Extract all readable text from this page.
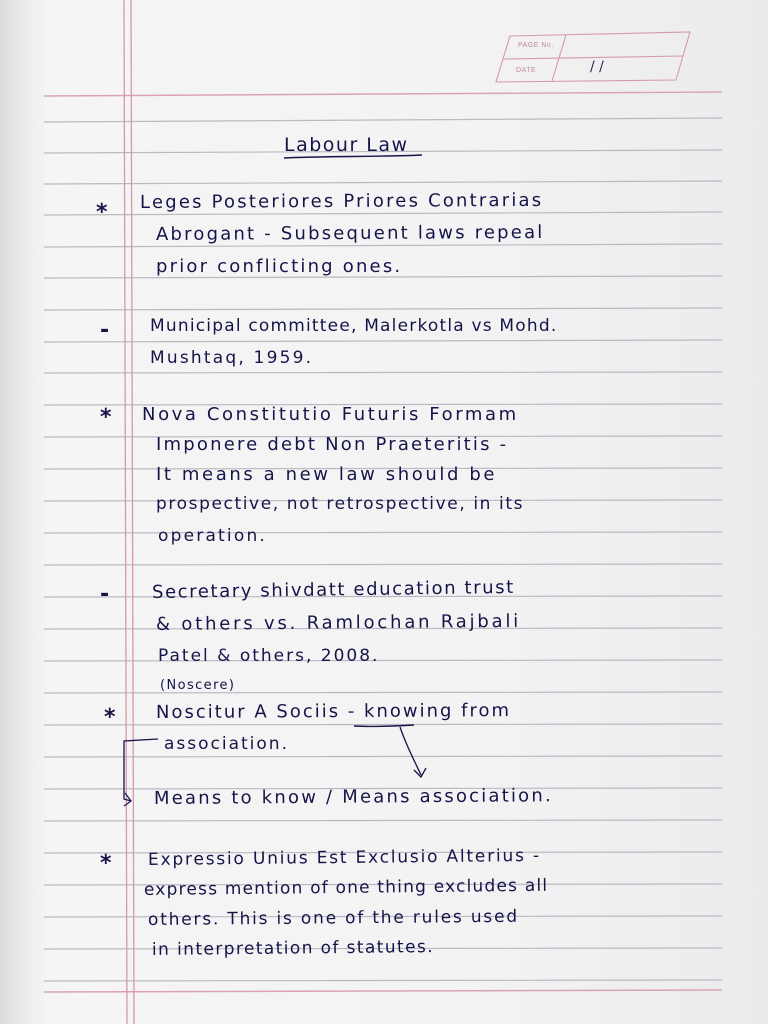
PAGE No.
DATE	/ /
Labour Law
*
-
*
-
*
*
Leges Posteriores Priores Contrarias
Abrogant - Subsequent laws repeal
prior conflicting ones.
Municipal committee, Malerkotla vs Mohd.
Mushtaq, 1959.
Nova Constitutio Futuris Formam
Imponere debt Non Praeteritis -
It means a new law should be
prospective, not retrospective, in its
operation.
Secretary shivdatt education trust
& others vs. Ramlochan Rajbali
Patel & others, 2008.
(Noscere)
Noscitur A Sociis - knowing from
association.
Means to know / Means association.
Expressio Unius Est Exclusio Alterius -
express mention of one thing excludes all
others. This is one of the rules used
in interpretation of statutes.
